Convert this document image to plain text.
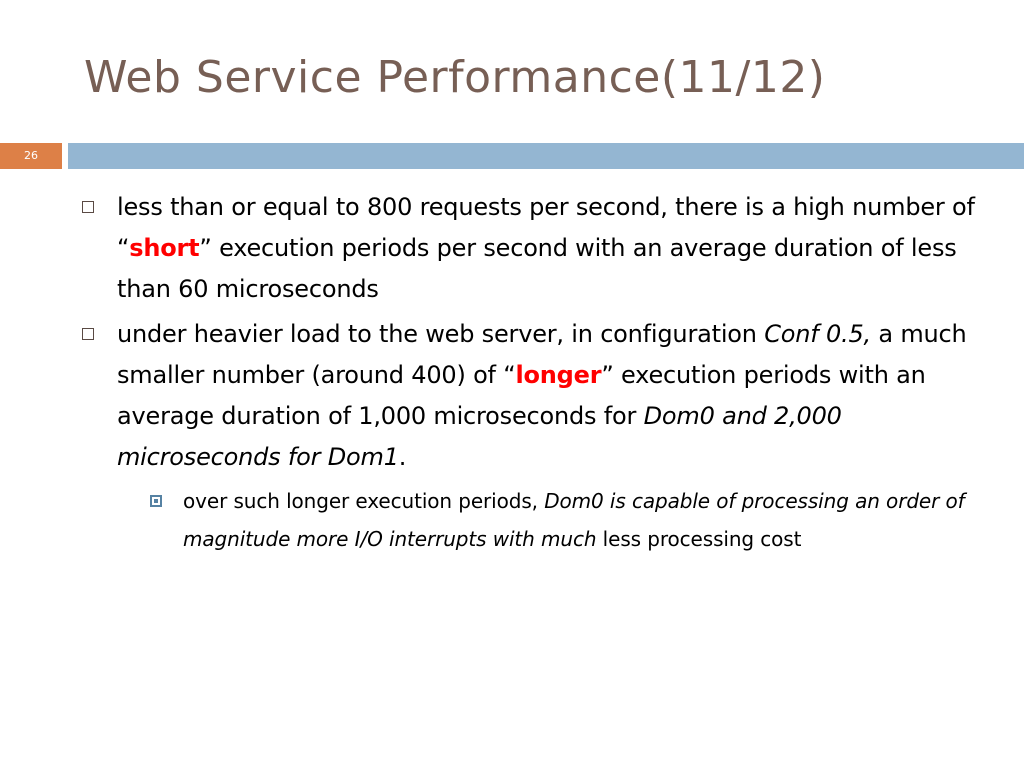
Web Service Performance(11/12)
26
less than or equal to 800 requests per second, there is a high number of “short” execution periods per second with an average duration of less than 60 microseconds
under heavier load to the web server, in configuration Conf 0.5, a much smaller number (around 400) of “longer” execution periods with an average duration of 1,000 microseconds for Dom0 and 2,000 microseconds for Dom1.
over such longer execution periods, Dom0 is capable of processing an order of magnitude more I/O interrupts with much less processing cost
